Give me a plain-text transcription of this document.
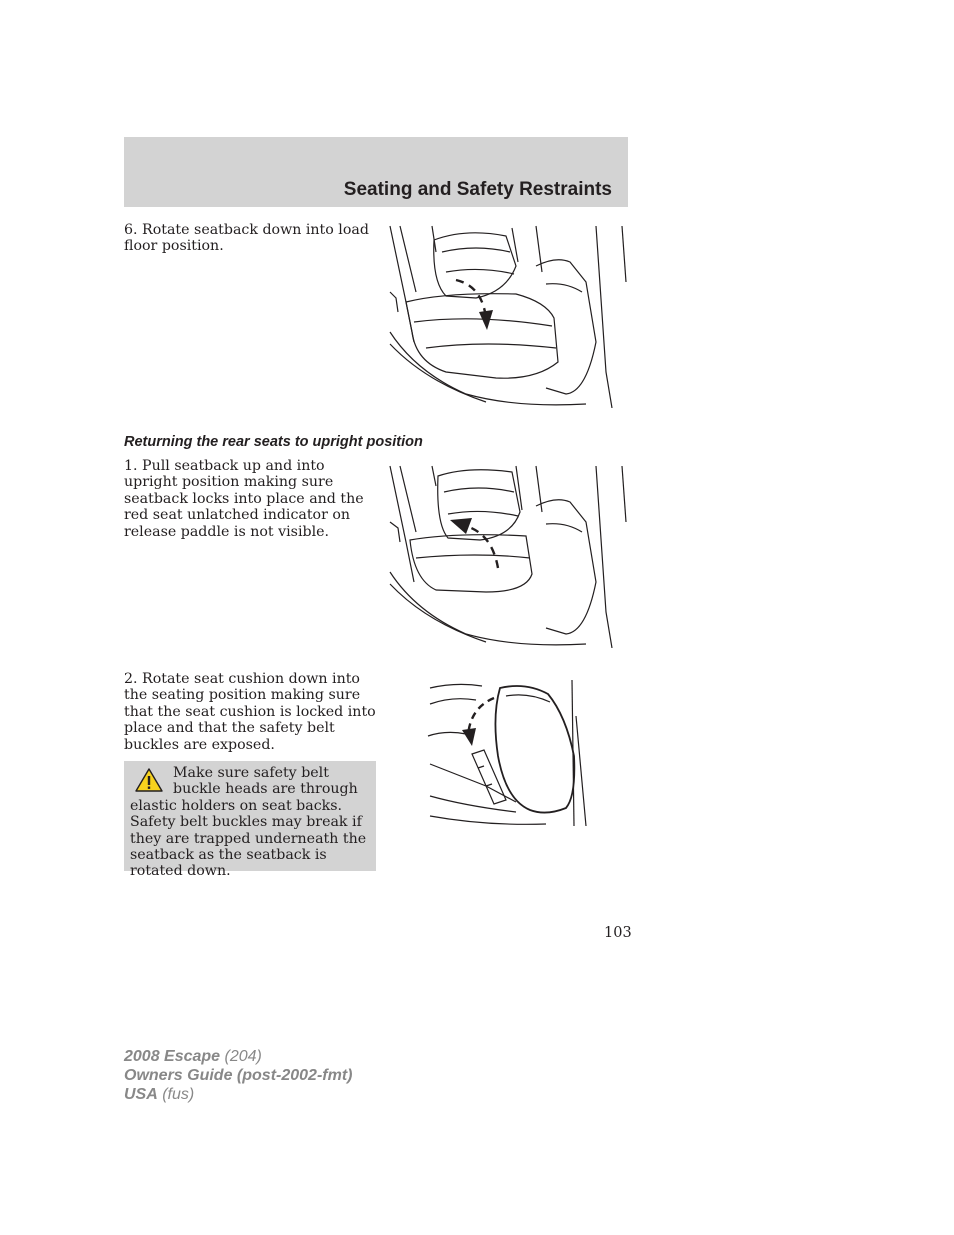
Seating and Safety Restraints

6. Rotate seatback down into load floor position.

Returning the rear seats to upright position

1. Pull seatback up and into upright position making sure seatback locks into place and the red seat unlatched indicator on release paddle is not visible.

2. Rotate seat cushion down into the seating position making sure that the seat cushion is locked into place and that the safety belt buckles are exposed.

Make sure safety belt buckle heads are through elastic holders on seat backs. Safety belt buckles may break if they are trapped underneath the seatback as the seatback is rotated down.

103
2008 Escape (204)
Owners Guide (post-2002-fmt)
USA (fus)
